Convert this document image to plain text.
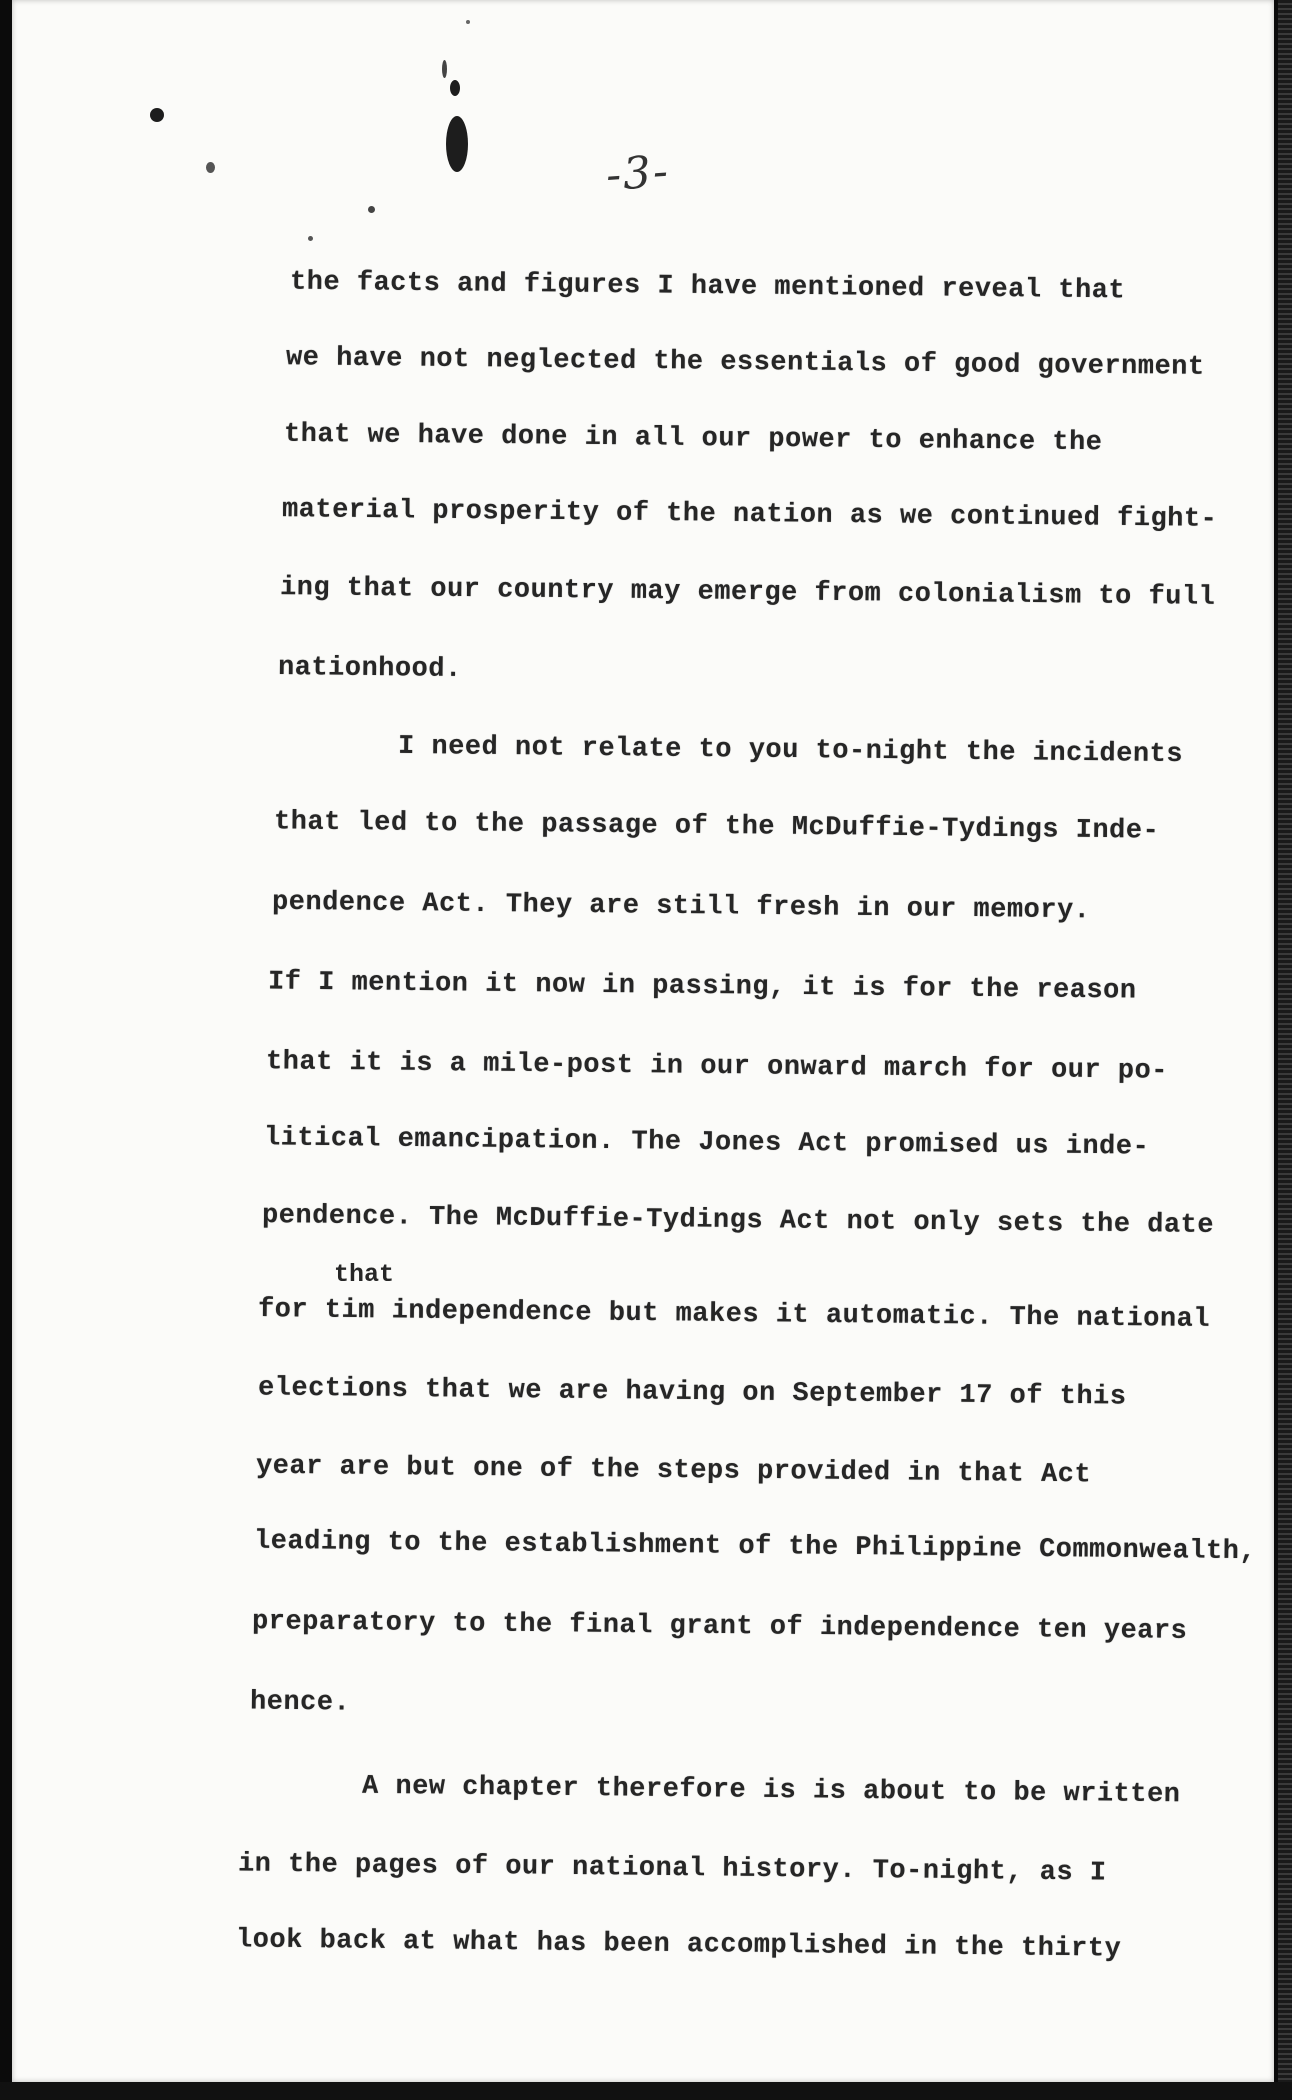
-3-
the facts and figures I have mentioned reveal that
we have not neglected the essentials of good government
that we have done in all our power to enhance the
material prosperity of the nation as we continued fight-
ing that our country may emerge from colonialism to full
nationhood.
I need not relate to you to-night the incidents
that led to the passage of the McDuffie-Tydings Inde-
pendence Act. They are still fresh in our memory.
If I mention it now in passing, it is for the reason
that it is a mile-post in our onward march for our po-
litical emancipation. The Jones Act promised us inde-
pendence. The McDuffie-Tydings Act not only sets the date
that
for tim independence but makes it automatic. The national
elections that we are having on September 17 of this
year are but one of the steps provided in that Act
leading to the establishment of the Philippine Commonwealth,
preparatory to the final grant of independence ten years
hence.
A new chapter therefore is is about to be written
in the pages of our national history. To-night, as I
look back at what has been accomplished in the thirty
